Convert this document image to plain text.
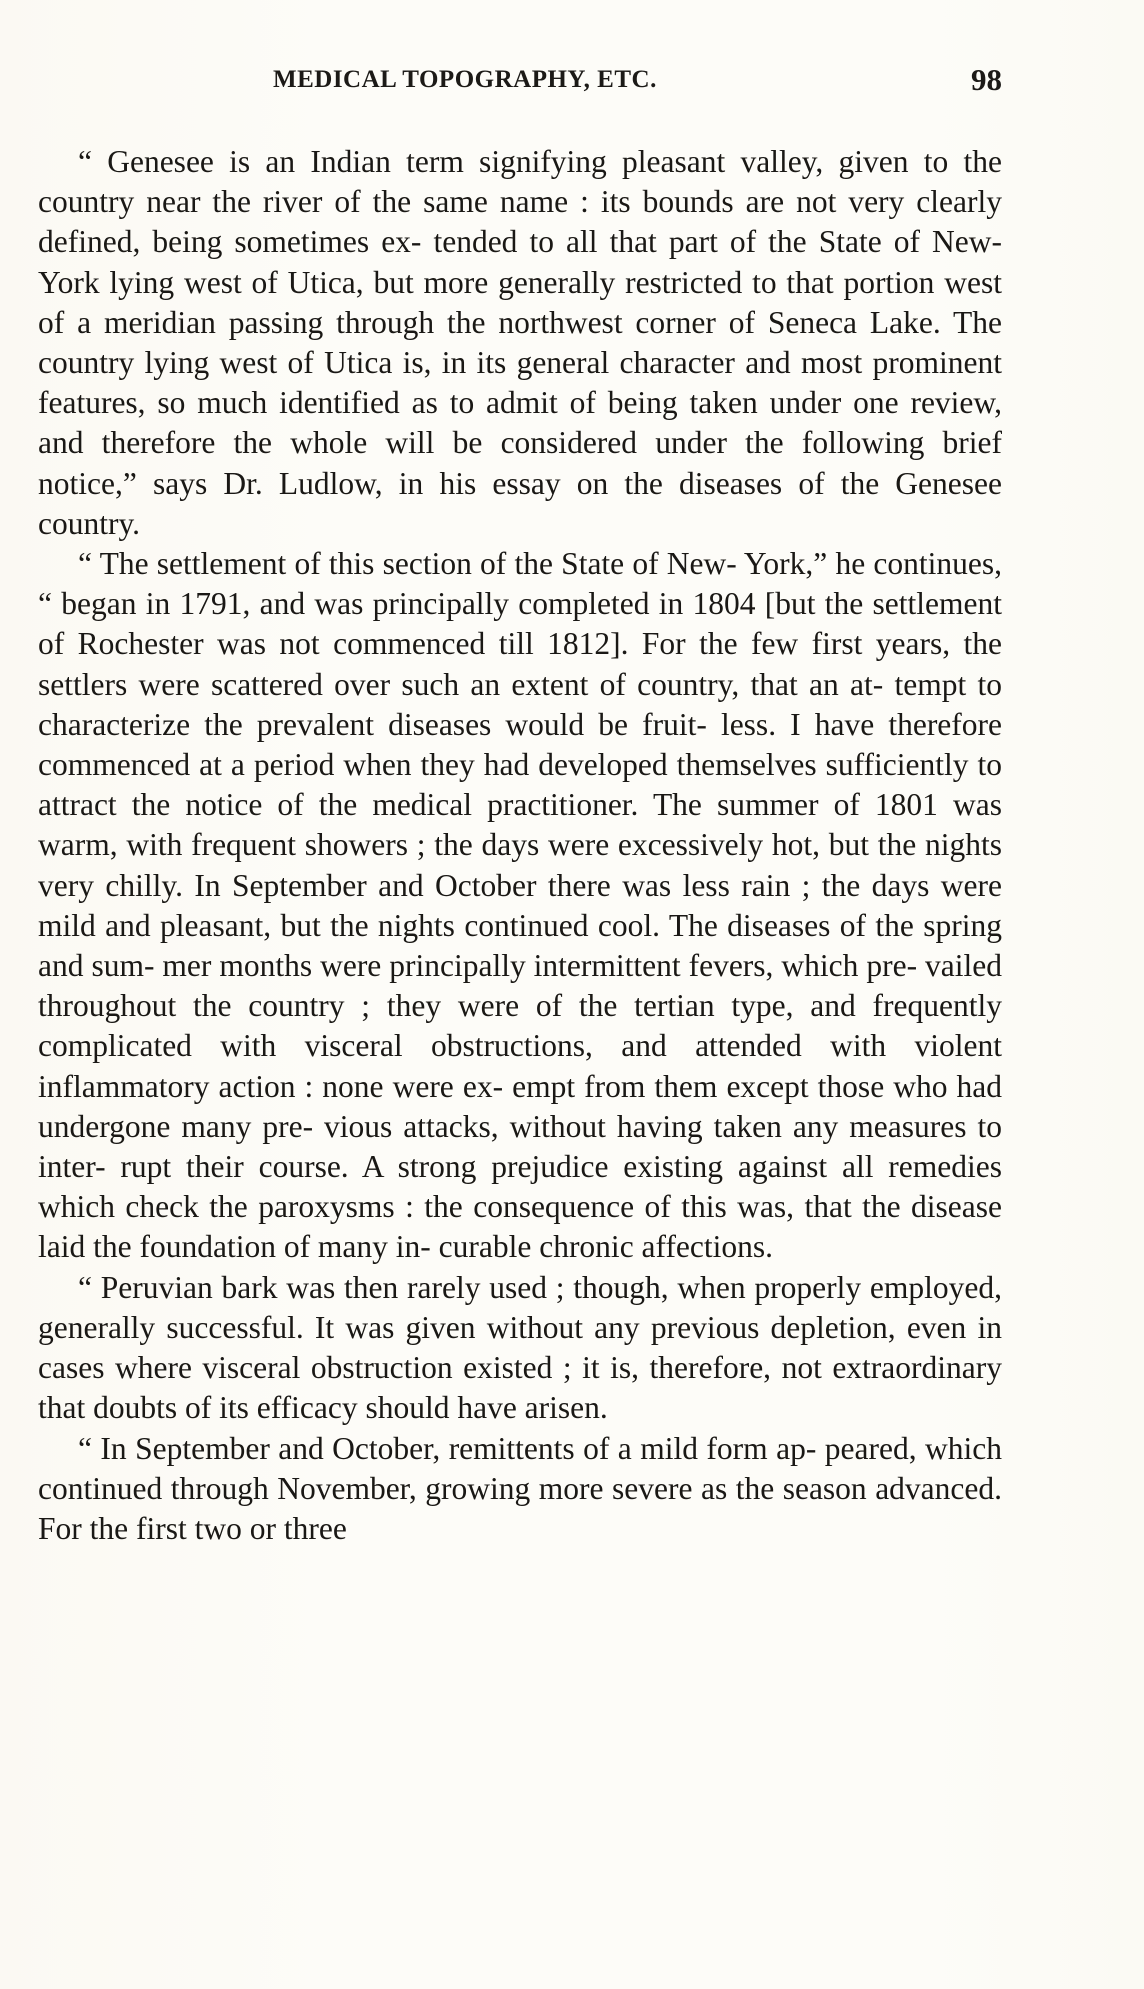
MEDICAL TOPOGRAPHY, ETC.	98

“ Genesee is an Indian term signifying pleasant valley, given to the country near the river of the same name : its bounds are not very clearly defined, being sometimes ex- tended to all that part of the State of New-York lying west of Utica, but more generally restricted to that portion west of a meridian passing through the northwest corner of Seneca Lake. The country lying west of Utica is, in its general character and most prominent features, so much identified as to admit of being taken under one review, and therefore the whole will be considered under the following brief notice,” says Dr. Ludlow, in his essay on the diseases of the Genesee country.

“ The settlement of this section of the State of New- York,” he continues, “ began in 1791, and was principally completed in 1804 [but the settlement of Rochester was not commenced till 1812]. For the few first years, the settlers were scattered over such an extent of country, that an at- tempt to characterize the prevalent diseases would be fruit- less. I have therefore commenced at a period when they had developed themselves sufficiently to attract the notice of the medical practitioner. The summer of 1801 was warm, with frequent showers ; the days were excessively hot, but the nights very chilly. In September and October there was less rain ; the days were mild and pleasant, but the nights continued cool. The diseases of the spring and sum- mer months were principally intermittent fevers, which pre- vailed throughout the country ; they were of the tertian type, and frequently complicated with visceral obstructions, and attended with violent inflammatory action : none were ex- empt from them except those who had undergone many pre- vious attacks, without having taken any measures to inter- rupt their course. A strong prejudice existing against all remedies which check the paroxysms : the consequence of this was, that the disease laid the foundation of many in- curable chronic affections.

“ Peruvian bark was then rarely used ; though, when properly employed, generally successful. It was given without any previous depletion, even in cases where visceral obstruction existed ; it is, therefore, not extraordinary that doubts of its efficacy should have arisen.

“ In September and October, remittents of a mild form ap- peared, which continued through November, growing more severe as the season advanced. For the first two or three
